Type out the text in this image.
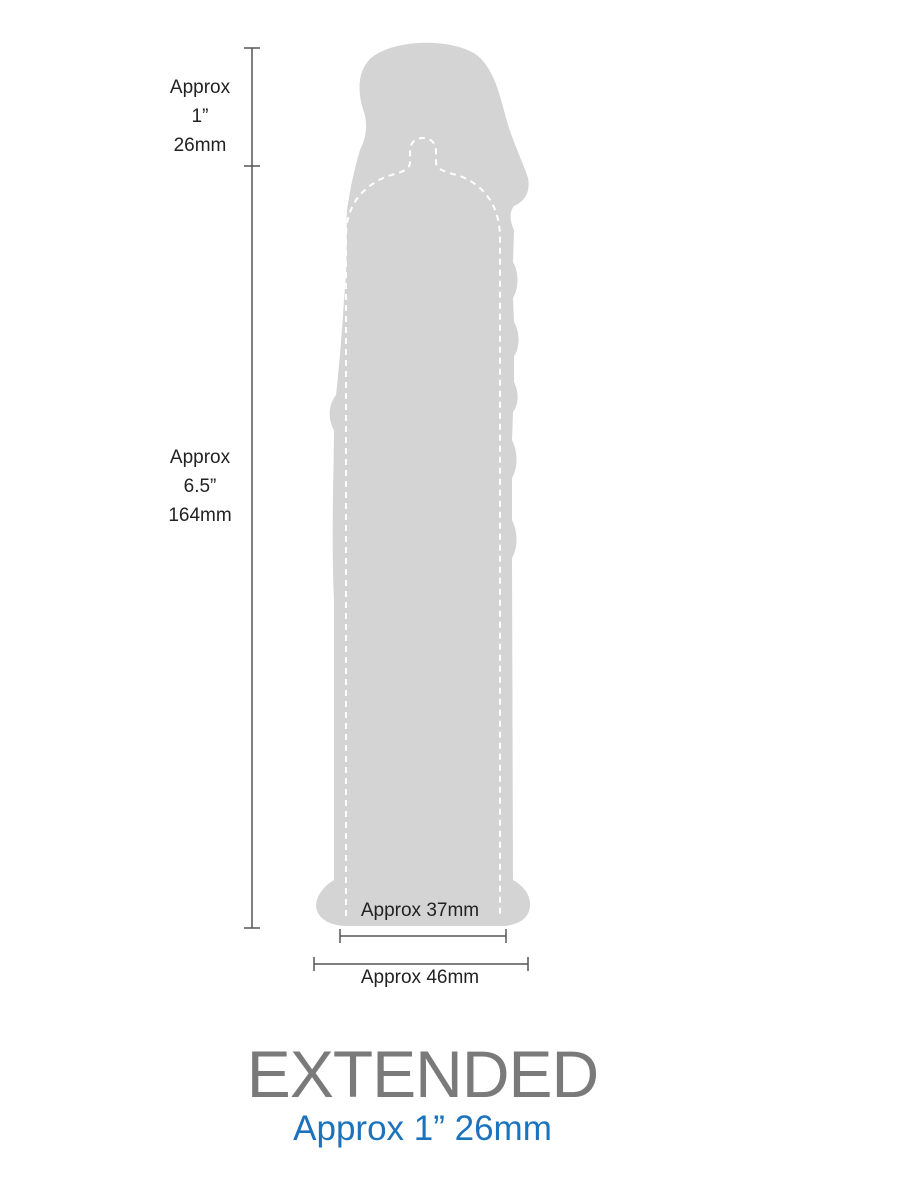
Approx
1”
26mm
Approx
6.5”
164mm
Approx 37mm
Approx 46mm
EXTENDED
Approx 1” 26mm
